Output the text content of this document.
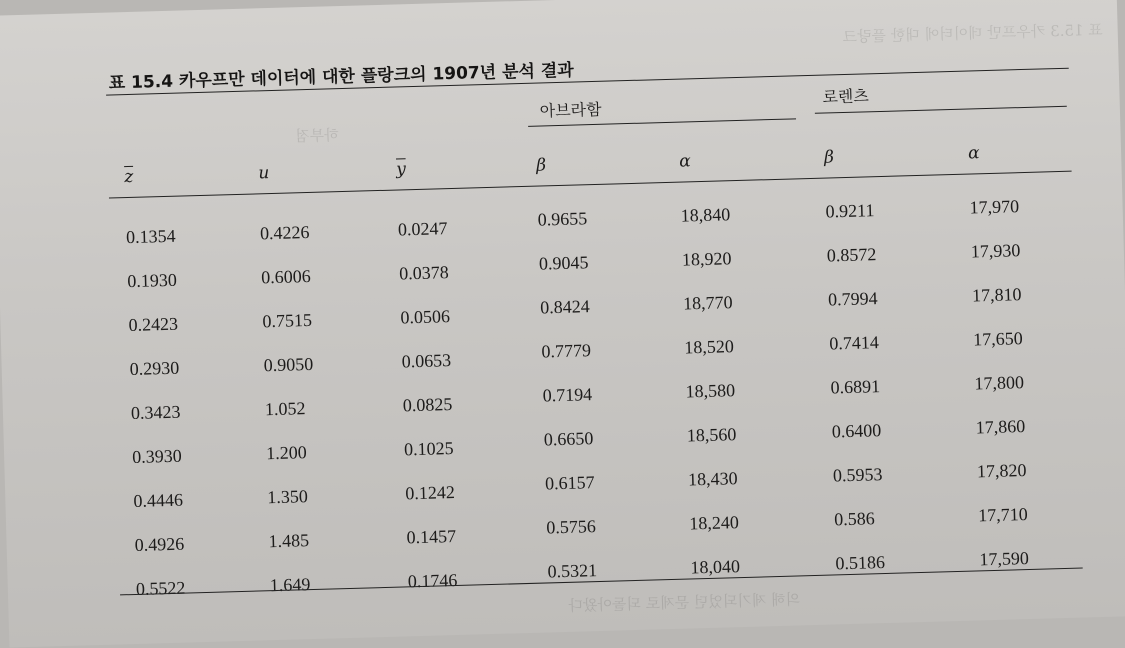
표 15.3 카우프만 데이터에 대한 플랑크
하부점
의해 제기되었던 문제로 되돌아왔다
표 15.4 카우프만 데이터에 대한 플랑크의 1907년 분석 결과
아브라함
로렌츠
$\overline{z}$	u	$\overline{y}$	β	α	β	α
0.1354	0.4226	0.0247	0.9655	18,840	0.9211	17,970
0.1930	0.6006	0.0378	0.9045	18,920	0.8572	17,930
0.2423	0.7515	0.0506	0.8424	18,770	0.7994	17,810
0.2930	0.9050	0.0653	0.7779	18,520	0.7414	17,650
0.3423	1.052	0.0825	0.7194	18,580	0.6891	17,800
0.3930	1.200	0.1025	0.6650	18,560	0.6400	17,860
0.4446	1.350	0.1242	0.6157	18,430	0.5953	17,820
0.4926	1.485	0.1457	0.5756	18,240	0.586	17,710
0.5522	1.649	0.1746	0.5321	18,040	0.5186	17,590
